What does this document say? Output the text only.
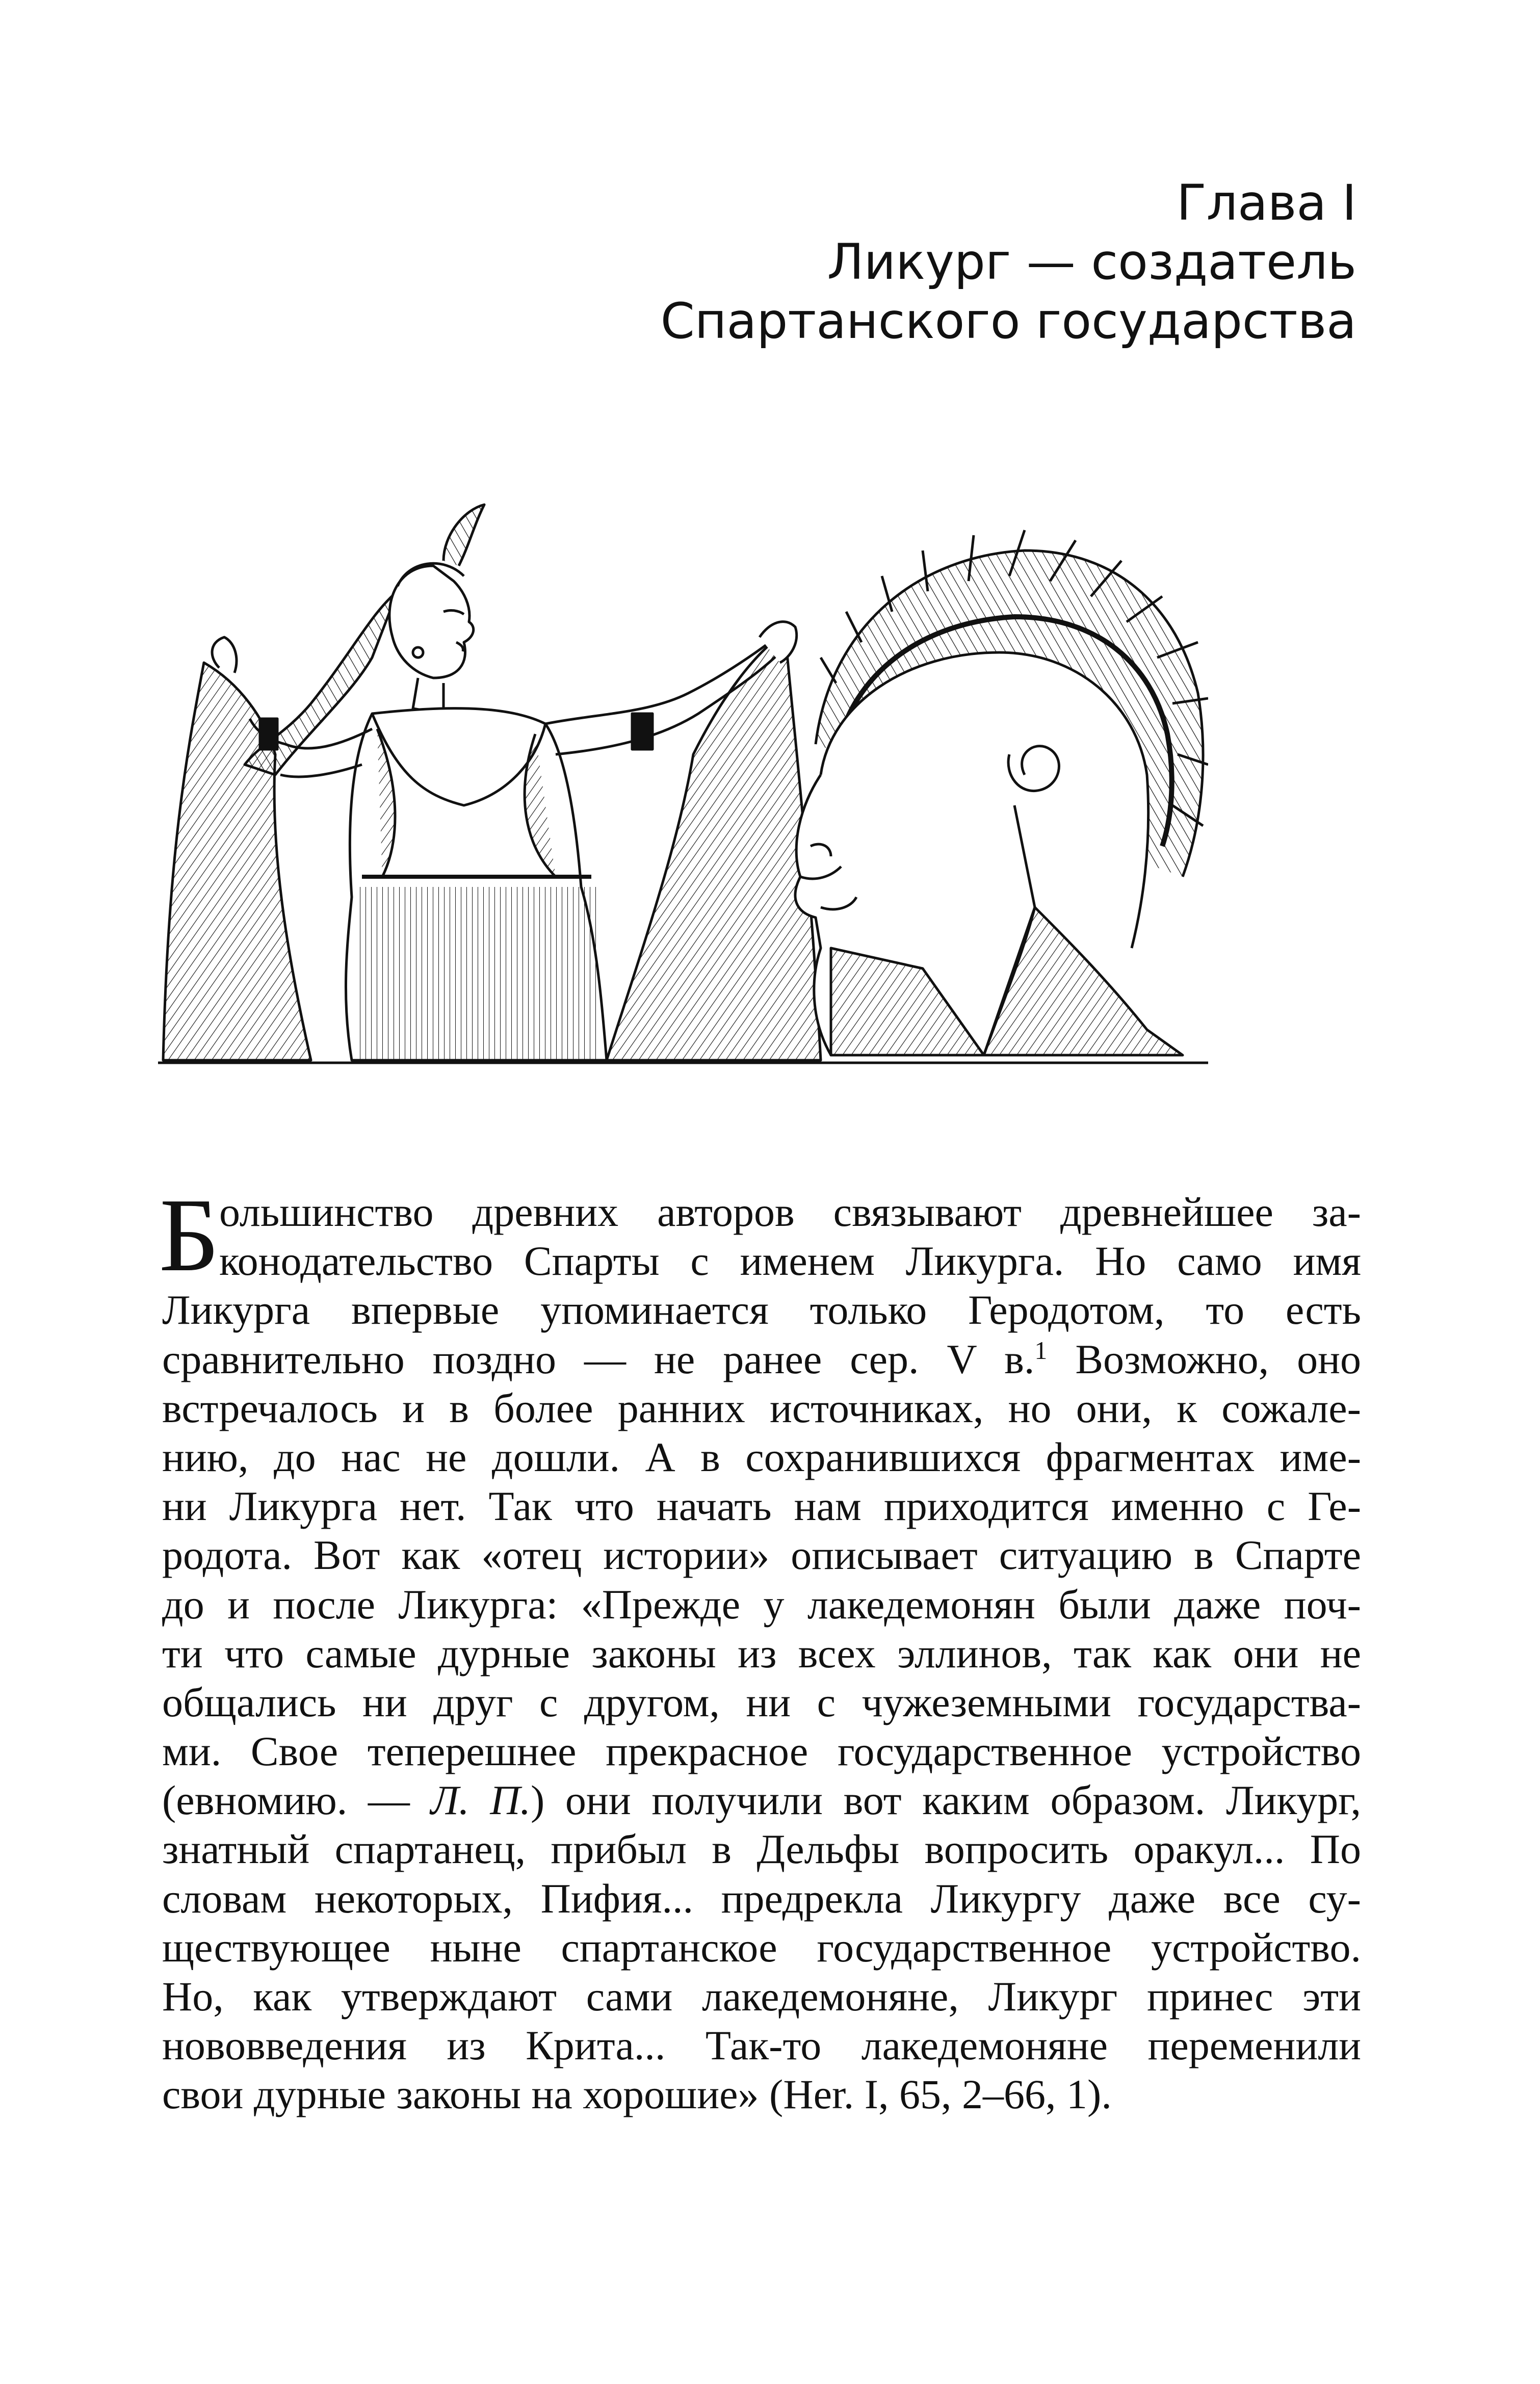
Глава I
Ликург — создатель
Спартанского государства
Б ольшинство древних авторов связывают древнейшее за-
конодательство Спарты с именем Ликурга. Но само имя
Ликурга впервые упоминается только Геродотом, то есть
сравнительно поздно — не ранее сер. V в.$^1$ Возможно, оно
встречалось и в более ранних источниках, но они, к сожале-
нию, до нас не дошли. А в сохранившихся фрагментах име-
ни Ликурга нет. Так что начать нам приходится именно с Ге-
родота. Вот как «отец истории» описывает ситуацию в Спарте
до и после Ликурга: «Прежде у лакедемонян были даже поч-
ти что самые дурные законы из всех эллинов, так как они не
общались ни друг с другом, ни с чужеземными государства-
ми. Свое теперешнее прекрасное государственное устройство
(евномию. — Л. П.) они получили вот каким образом. Ликург,
знатный спартанец, прибыл в Дельфы вопросить оракул... По
словам некоторых, Пифия... предрекла Ликургу даже все су-
ществующее ныне спартанское государственное устройство.
Но, как утверждают сами лакедемоняне, Ликург принес эти
нововведения из Крита... Так-то лакедемоняне переменили
свои дурные законы на хорошие» (Her. I, 65, 2–66, 1).
